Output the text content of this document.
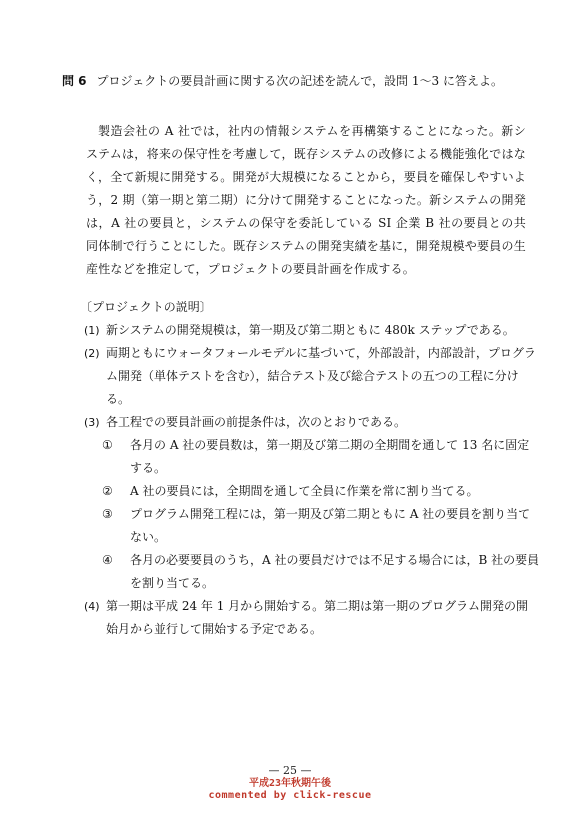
問 6 プロジェクトの要員計画に関する次の記述を読んで，設問 1～3 に答えよ。

製造会社の A 社では，社内の情報システムを再構築することになった。新システムは，将来の保守性を考慮して，既存システムの改修による機能強化ではなく，全て新規に開発する。開発が大規模になることから，要員を確保しやすいよう，2 期（第一期と第二期）に分けて開発することになった。新システムの開発は，A 社の要員と，システムの保守を委託している SI 企業 B 社の要員との共同体制で行うことにした。既存システムの開発実績を基に，開発規模や要員の生産性などを推定して，プロジェクトの要員計画を作成する。

〔プロジェクトの説明〕
(1) 新システムの開発規模は，第一期及び第二期ともに 480k ステップである。
(2) 両期ともにウォータフォールモデルに基づいて，外部設計，内部設計，プログラム開発（単体テストを含む），結合テスト及び総合テストの五つの工程に分ける。
(3) 各工程での要員計画の前提条件は，次のとおりである。
① 各月の A 社の要員数は，第一期及び第二期の全期間を通して 13 名に固定する。
② A 社の要員には，全期間を通して全員に作業を常に割り当てる。
③ プログラム開発工程には，第一期及び第二期ともに A 社の要員を割り当てない。
④ 各月の必要要員のうち，A 社の要員だけでは不足する場合には，B 社の要員を割り当てる。
(4) 第一期は平成 24 年 1 月から開始する。第二期は第一期のプログラム開発の開始月から並行して開始する予定である。
— 25 —
平成23年秋期午後
commented by click-rescue
